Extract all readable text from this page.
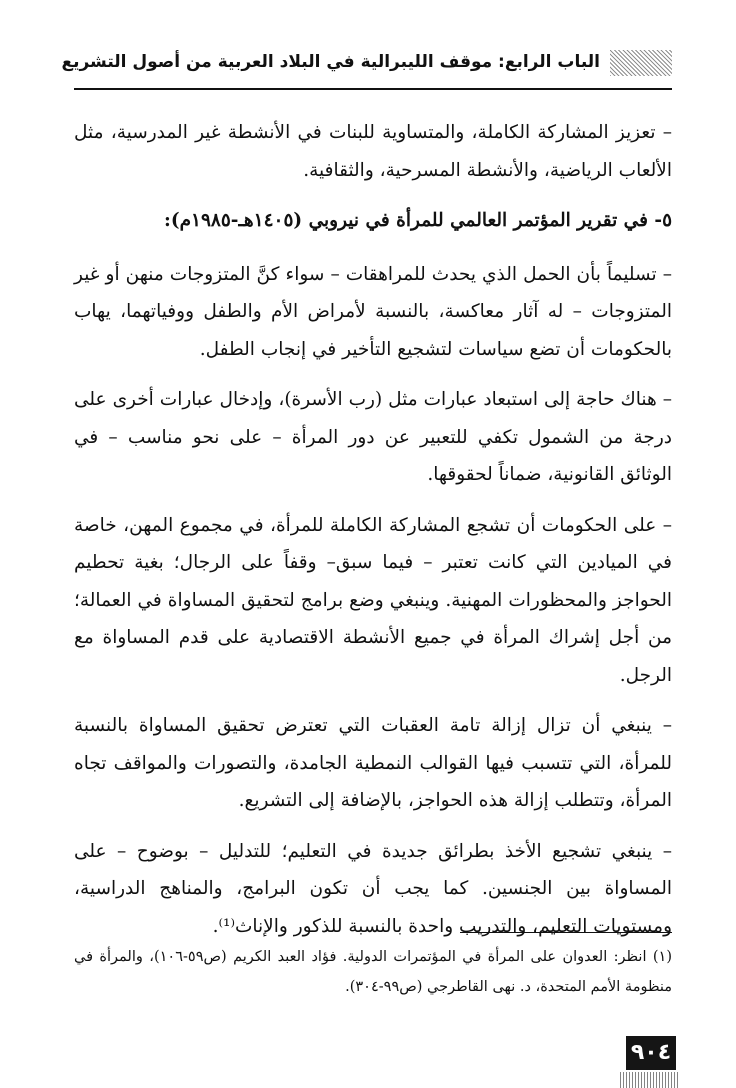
الباب الرابع: موقف الليبرالية في البلاد العربية من أصول التشريع

– تعزيز المشاركة الكاملة، والمتساوية للبنات في الأنشطة غير المدرسية، مثل الألعاب الرياضية، والأنشطة المسرحية، والثقافية.

٥- في تقرير المؤتمر العالمي للمرأة في نيروبي (١٤٠٥هـ-١٩٨٥م):

– تسليماً بأن الحمل الذي يحدث للمراهقات – سواء كنَّ المتزوجات منهن أو غير المتزوجات – له آثار معاكسة، بالنسبة لأمراض الأم والطفل ووفياتهما، يهاب بالحكومات أن تضع سياسات لتشجيع التأخير في إنجاب الطفل.

– هناك حاجة إلى استبعاد عبارات مثل (رب الأسرة)، وإدخال عبارات أخرى على درجة من الشمول تكفي للتعبير عن دور المرأة – على نحو مناسب – في الوثائق القانونية، ضماناً لحقوقها.

– على الحكومات أن تشجع المشاركة الكاملة للمرأة، في مجموع المهن، خاصة في الميادين التي كانت تعتبر – فيما سبق– وقفاً على الرجال؛ بغية تحطيم الحواجز والمحظورات المهنية. وينبغي وضع برامج لتحقيق المساواة في العمالة؛ من أجل إشراك المرأة في جميع الأنشطة الاقتصادية على قدم المساواة مع الرجل.

– ينبغي أن تزال إزالة تامة العقبات التي تعترض تحقيق المساواة بالنسبة للمرأة، التي تتسبب فيها القوالب النمطية الجامدة، والتصورات والمواقف تجاه المرأة، وتتطلب إزالة هذه الحواجز، بالإضافة إلى التشريع.

– ينبغي تشجيع الأخذ بطرائق جديدة في التعليم؛ للتدليل – بوضوح – على المساواة بين الجنسين. كما يجب أن تكون البرامج، والمناهج الدراسية، ومستويات التعليم، والتدريب واحدة بالنسبة للذكور والإناث⁽¹⁾.

(١) انظر: العدوان على المرأة في المؤتمرات الدولية. فؤاد العبد الكريم (ص٥٩-١٠٦)، والمرأة في منظومة الأمم المتحدة، د. نهى القاطرجي (ص٩٩-٣٠٤).
٩٠٤
